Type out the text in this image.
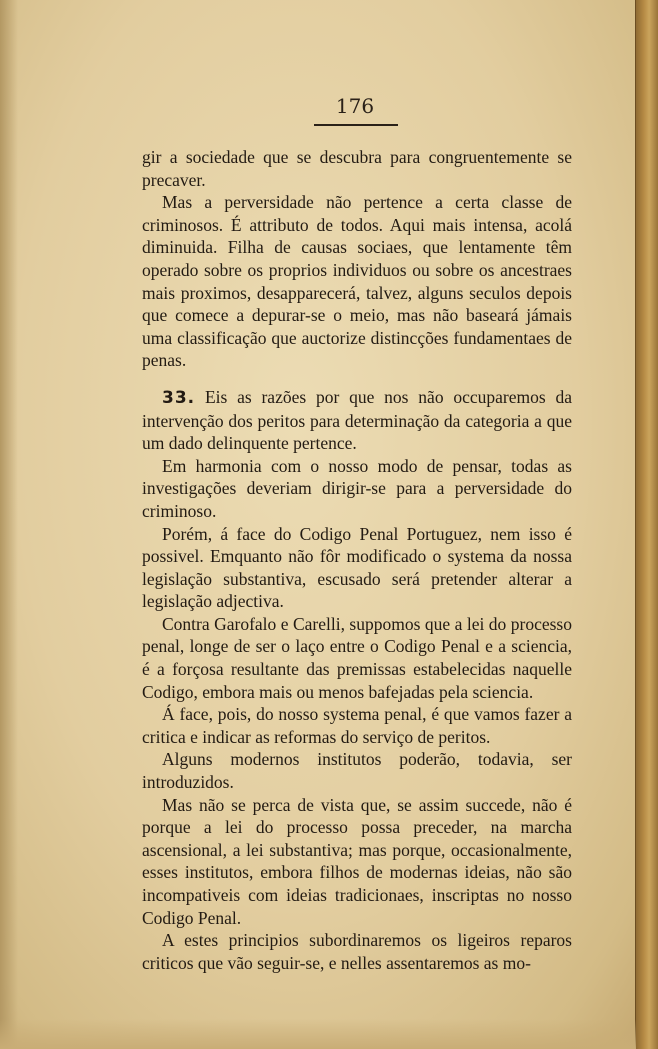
176

gir a sociedade que se descubra para congruentemente se precaver.

Mas a perversidade não pertence a certa classe de criminosos. É attributo de todos. Aqui mais intensa, acolá diminuida. Filha de causas sociaes, que lentamente têm operado sobre os proprios individuos ou sobre os ancestraes mais proximos, desapparecerá, talvez, alguns seculos depois que comece a depurar-se o meio, mas não baseará jámais uma classificação que auctorize distincções fundamentaes de penas.

33. Eis as razões por que nos não occuparemos da intervenção dos peritos para determinação da categoria a que um dado delinquente pertence.

Em harmonia com o nosso modo de pensar, todas as investigações deveriam dirigir-se para a perversidade do criminoso.

Porém, á face do Codigo Penal Portuguez, nem isso é possivel. Emquanto não fôr modificado o systema da nossa legislação substantiva, escusado será pretender alterar a legislação adjectiva.

Contra Garofalo e Carelli, suppomos que a lei do processo penal, longe de ser o laço entre o Codigo Penal e a sciencia, é a forçosa resultante das premissas estabelecidas naquelle Codigo, embora mais ou menos bafejadas pela sciencia.

Á face, pois, do nosso systema penal, é que vamos fazer a critica e indicar as reformas do serviço de peritos.

Alguns modernos institutos poderão, todavia, ser introduzidos.

Mas não se perca de vista que, se assim succede, não é porque a lei do processo possa preceder, na marcha ascensional, a lei substantiva; mas porque, occasionalmente, esses institutos, embora filhos de modernas ideias, não são incompativeis com ideias tradicionaes, inscriptas no nosso Codigo Penal.

A estes principios subordinaremos os ligeiros reparos criticos que vão seguir-se, e nelles assentaremos as mo-
